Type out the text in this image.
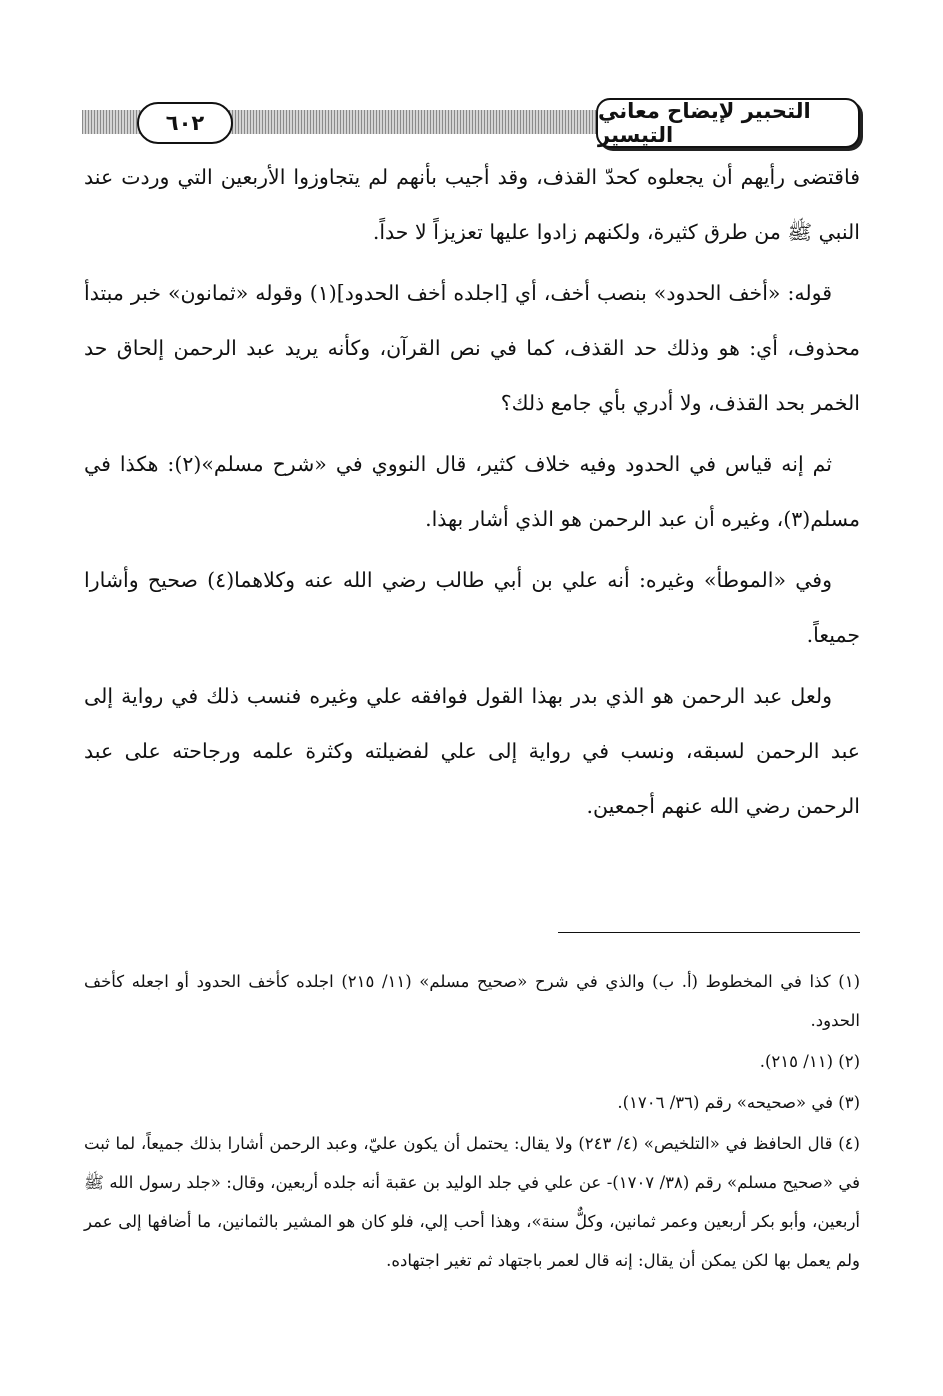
التحبير لإيضاح معاني التيسير
٦٠٢

فاقتضى رأيهم أن يجعلوه كحدّ القذف، وقد أجيب بأنهم لم يتجاوزوا الأربعين التي وردت عند النبي ﷺ من طرق كثيرة، ولكنهم زادوا عليها تعزيزاً لا حداً.

قوله: «أخف الحدود» بنصب أخف، أي [اجلده أخف الحدود](١) وقوله «ثمانون» خبر مبتدأ محذوف، أي: هو وذلك حد القذف، كما في نص القرآن، وكأنه يريد عبد الرحمن إلحاق حد الخمر بحد القذف، ولا أدري بأي جامع ذلك؟

ثم إنه قياس في الحدود وفيه خلاف كثير، قال النووي في «شرح مسلم»(٢): هكذا في مسلم(٣)، وغيره أن عبد الرحمن هو الذي أشار بهذا.

وفي «الموطأ» وغيره: أنه علي بن أبي طالب رضي الله عنه وكلاهما(٤) صحيح وأشارا جميعاً.

ولعل عبد الرحمن هو الذي بدر بهذا القول فوافقه علي وغيره فنسب ذلك في رواية إلى عبد الرحمن لسبقه، ونسب في رواية إلى علي لفضيلته وكثرة علمه ورجاحته على عبد الرحمن رضي الله عنهم أجمعين.

(١) كذا في المخطوط (أ. ب) والذي في شرح «صحيح مسلم» (١١/ ٢١٥) اجلده كأخف الحدود أو اجعله كأخف الحدود.

(٢) (١١/ ٢١٥).

(٣) في «صحيحه» رقم (٣٦/ ١٧٠٦).

(٤) قال الحافظ في «التلخيص» (٤/ ٢٤٣) ولا يقال: يحتمل أن يكون عليّ، وعبد الرحمن أشارا بذلك جميعاً، لما ثبت في «صحيح مسلم» رقم (٣٨/ ١٧٠٧)- عن علي في جلد الوليد بن عقبة أنه جلده أربعين، وقال: «جلد رسول الله ﷺ أربعين، وأبو بكر أربعين وعمر ثمانين، وكلٌّ سنة»، وهذا أحب إلي، فلو كان هو المشير بالثمانين، ما أضافها إلى عمر ولم يعمل بها لكن يمكن أن يقال: إنه قال لعمر باجتهاد ثم تغير اجتهاده.
